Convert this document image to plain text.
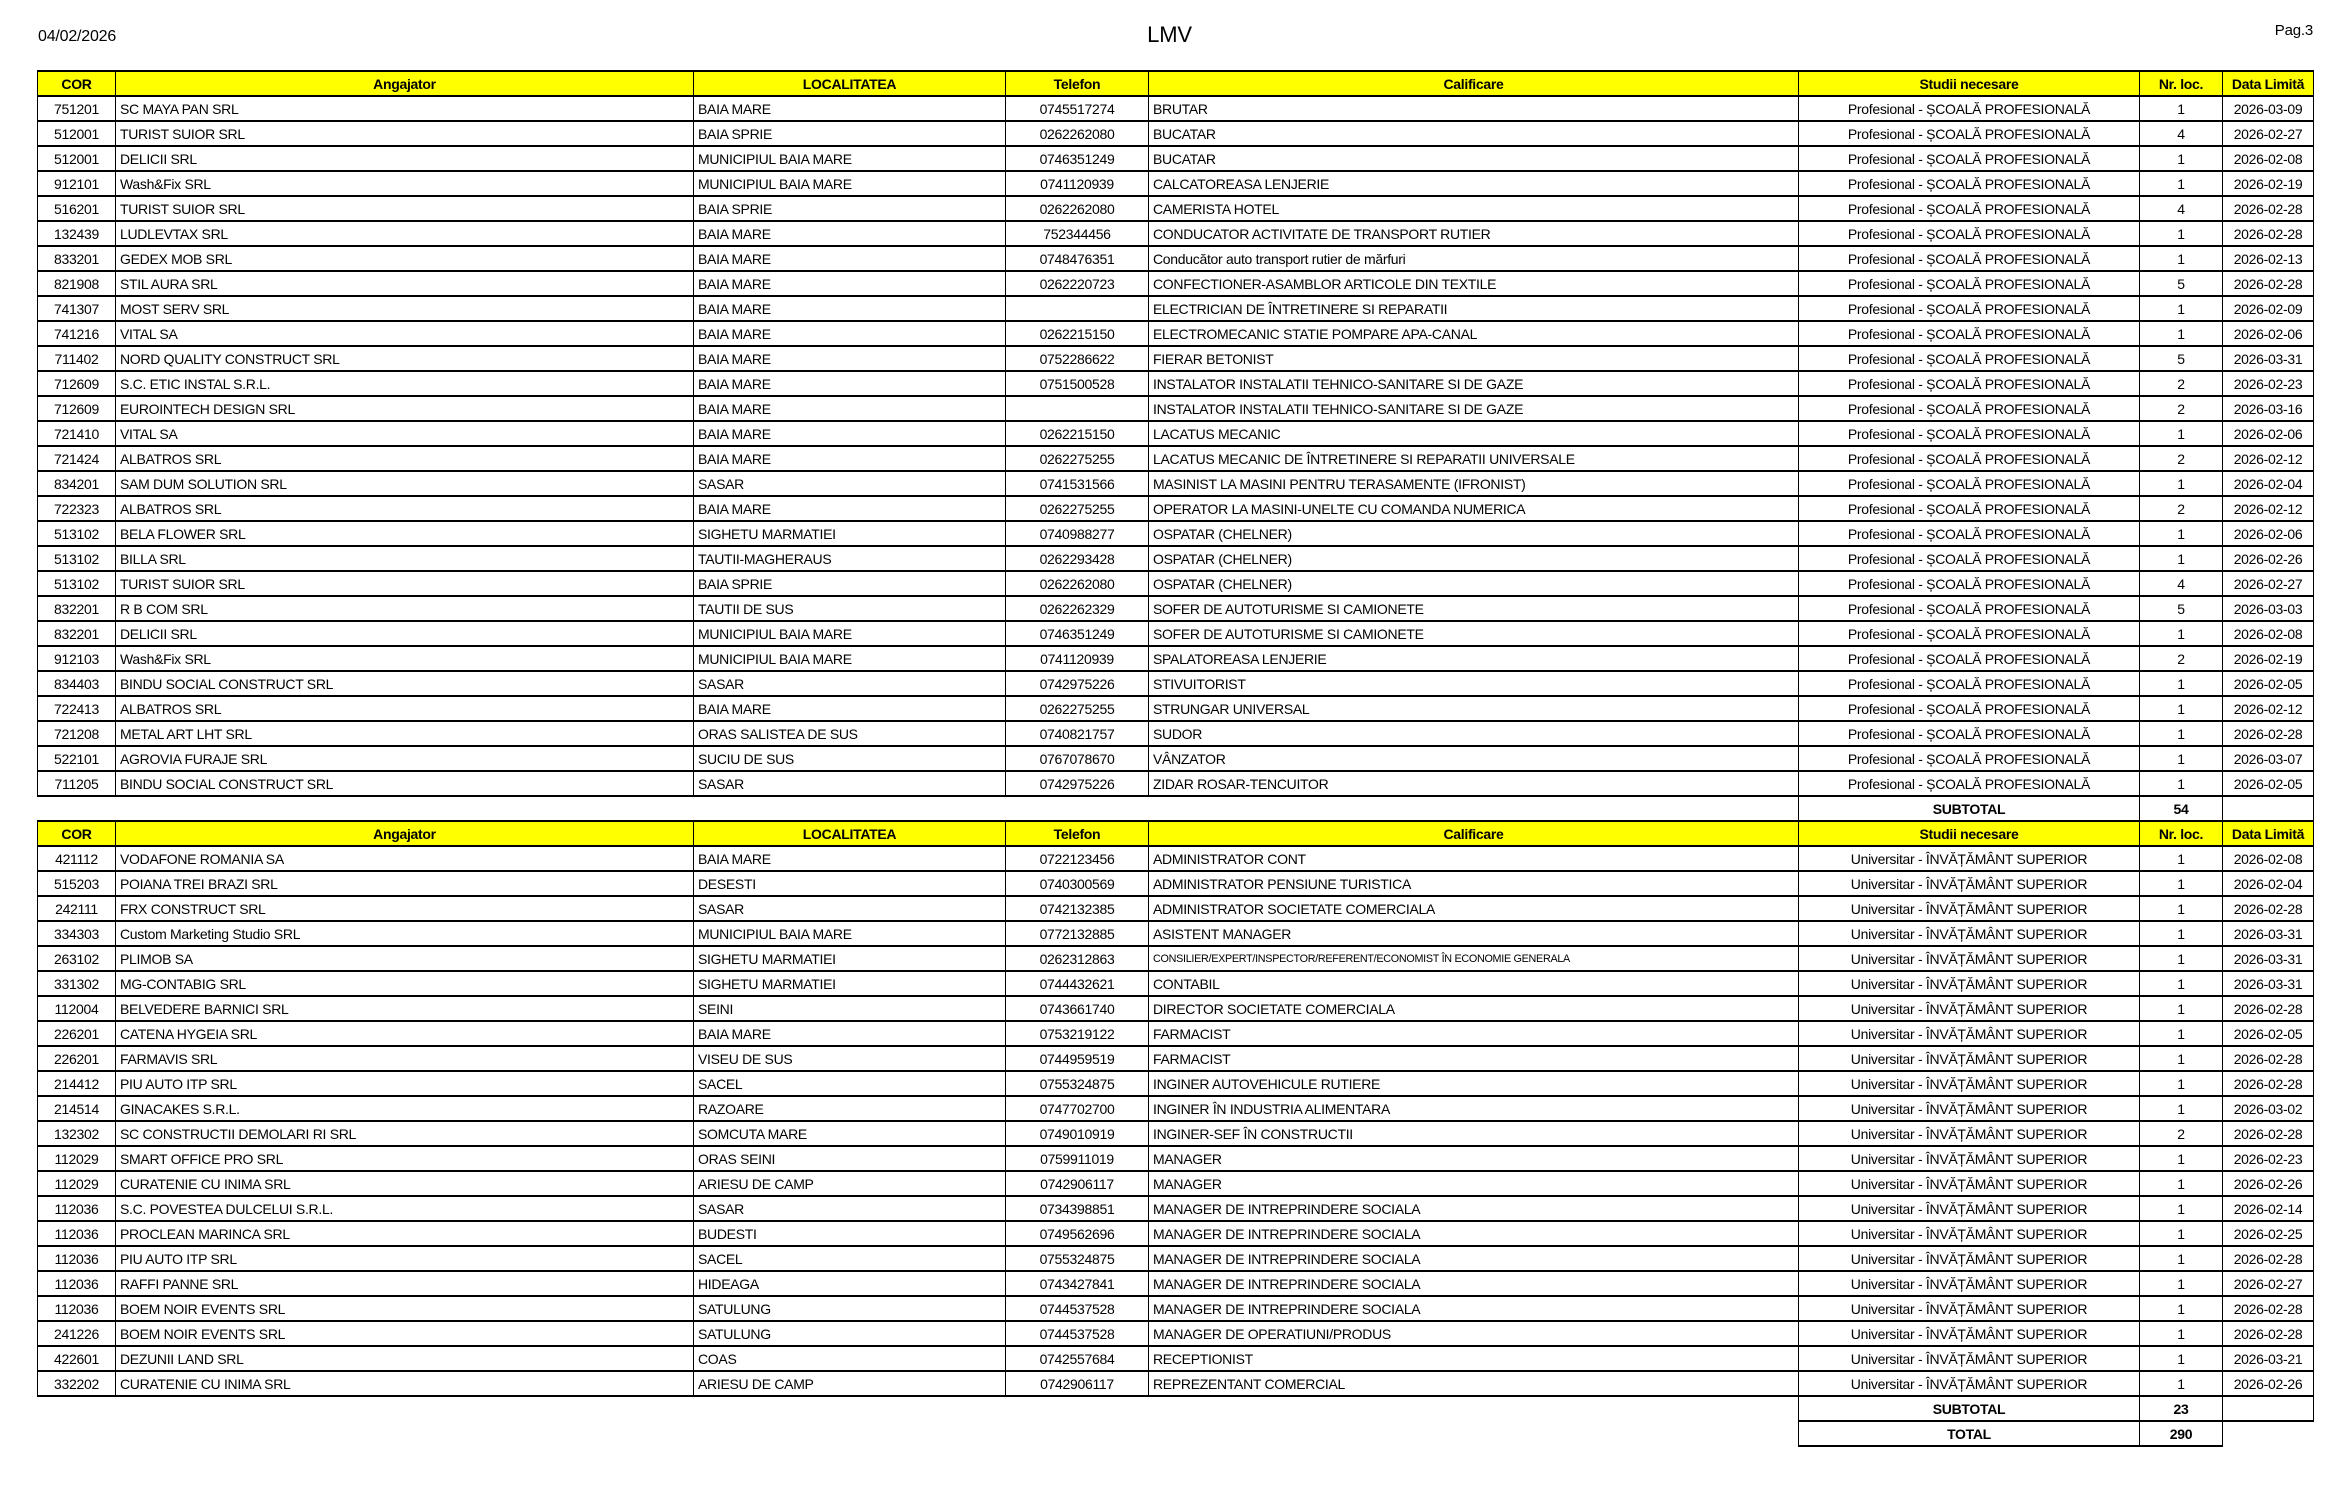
04/02/2026	LMV	Pag.3
COR	Angajator	LOCALITATEA	Telefon	Calificare	Studii necesare	Nr. loc.	Data Limită
751201	SC MAYA PAN SRL	BAIA MARE	0745517274	BRUTAR	Profesional - ȘCOALĂ PROFESIONALĂ	1	2026-03-09
512001	TURIST SUIOR SRL	BAIA SPRIE	0262262080	BUCATAR	Profesional - ȘCOALĂ PROFESIONALĂ	4	2026-02-27
512001	DELICII SRL	MUNICIPIUL BAIA MARE	0746351249	BUCATAR	Profesional - ȘCOALĂ PROFESIONALĂ	1	2026-02-08
912101	Wash&Fix SRL	MUNICIPIUL BAIA MARE	0741120939	CALCATOREASA LENJERIE	Profesional - ȘCOALĂ PROFESIONALĂ	1	2026-02-19
516201	TURIST SUIOR SRL	BAIA SPRIE	0262262080	CAMERISTA HOTEL	Profesional - ȘCOALĂ PROFESIONALĂ	4	2026-02-28
132439	LUDLEVTAX SRL	BAIA MARE	752344456	CONDUCATOR ACTIVITATE DE TRANSPORT RUTIER	Profesional - ȘCOALĂ PROFESIONALĂ	1	2026-02-28
833201	GEDEX MOB SRL	BAIA MARE	0748476351	Conducător auto transport rutier de mărfuri	Profesional - ȘCOALĂ PROFESIONALĂ	1	2026-02-13
821908	STIL AURA SRL	BAIA MARE	0262220723	CONFECTIONER-ASAMBLOR ARTICOLE DIN TEXTILE	Profesional - ȘCOALĂ PROFESIONALĂ	5	2026-02-28
741307	MOST SERV SRL	BAIA MARE		ELECTRICIAN DE ÎNTRETINERE SI REPARATII	Profesional - ȘCOALĂ PROFESIONALĂ	1	2026-02-09
741216	VITAL SA	BAIA MARE	0262215150	ELECTROMECANIC STATIE POMPARE APA-CANAL	Profesional - ȘCOALĂ PROFESIONALĂ	1	2026-02-06
711402	NORD QUALITY CONSTRUCT SRL	BAIA MARE	0752286622	FIERAR BETONIST	Profesional - ȘCOALĂ PROFESIONALĂ	5	2026-03-31
712609	S.C. ETIC INSTAL S.R.L.	BAIA MARE	0751500528	INSTALATOR INSTALATII TEHNICO-SANITARE SI DE GAZE	Profesional - ȘCOALĂ PROFESIONALĂ	2	2026-02-23
712609	EUROINTECH DESIGN SRL	BAIA MARE		INSTALATOR INSTALATII TEHNICO-SANITARE SI DE GAZE	Profesional - ȘCOALĂ PROFESIONALĂ	2	2026-03-16
721410	VITAL SA	BAIA MARE	0262215150	LACATUS MECANIC	Profesional - ȘCOALĂ PROFESIONALĂ	1	2026-02-06
721424	ALBATROS SRL	BAIA MARE	0262275255	LACATUS MECANIC DE ÎNTRETINERE SI REPARATII UNIVERSALE	Profesional - ȘCOALĂ PROFESIONALĂ	2	2026-02-12
834201	SAM DUM SOLUTION SRL	SASAR	0741531566	MASINIST LA MASINI PENTRU TERASAMENTE (IFRONIST)	Profesional - ȘCOALĂ PROFESIONALĂ	1	2026-02-04
722323	ALBATROS SRL	BAIA MARE	0262275255	OPERATOR LA MASINI-UNELTE CU COMANDA NUMERICA	Profesional - ȘCOALĂ PROFESIONALĂ	2	2026-02-12
513102	BELA FLOWER SRL	SIGHETU MARMATIEI	0740988277	OSPATAR (CHELNER)	Profesional - ȘCOALĂ PROFESIONALĂ	1	2026-02-06
513102	BILLA SRL	TAUTII-MAGHERAUS	0262293428	OSPATAR (CHELNER)	Profesional - ȘCOALĂ PROFESIONALĂ	1	2026-02-26
513102	TURIST SUIOR SRL	BAIA SPRIE	0262262080	OSPATAR (CHELNER)	Profesional - ȘCOALĂ PROFESIONALĂ	4	2026-02-27
832201	R B COM SRL	TAUTII DE SUS	0262262329	SOFER DE AUTOTURISME SI CAMIONETE	Profesional - ȘCOALĂ PROFESIONALĂ	5	2026-03-03
832201	DELICII SRL	MUNICIPIUL BAIA MARE	0746351249	SOFER DE AUTOTURISME SI CAMIONETE	Profesional - ȘCOALĂ PROFESIONALĂ	1	2026-02-08
912103	Wash&Fix SRL	MUNICIPIUL BAIA MARE	0741120939	SPALATOREASA LENJERIE	Profesional - ȘCOALĂ PROFESIONALĂ	2	2026-02-19
834403	BINDU SOCIAL CONSTRUCT SRL	SASAR	0742975226	STIVUITORIST	Profesional - ȘCOALĂ PROFESIONALĂ	1	2026-02-05
722413	ALBATROS SRL	BAIA MARE	0262275255	STRUNGAR UNIVERSAL	Profesional - ȘCOALĂ PROFESIONALĂ	1	2026-02-12
721208	METAL ART LHT SRL	ORAS SALISTEA DE SUS	0740821757	SUDOR	Profesional - ȘCOALĂ PROFESIONALĂ	1	2026-02-28
522101	AGROVIA FURAJE SRL	SUCIU DE SUS	0767078670	VÂNZATOR	Profesional - ȘCOALĂ PROFESIONALĂ	1	2026-03-07
711205	BINDU SOCIAL CONSTRUCT SRL	SASAR	0742975226	ZIDAR ROSAR-TENCUITOR	Profesional - ȘCOALĂ PROFESIONALĂ	1	2026-02-05
					SUBTOTAL	54	
COR	Angajator	LOCALITATEA	Telefon	Calificare	Studii necesare	Nr. loc.	Data Limită
421112	VODAFONE ROMANIA SA	BAIA MARE	0722123456	ADMINISTRATOR CONT	Universitar - ÎNVĂȚĂMÂNT SUPERIOR	1	2026-02-08
515203	POIANA TREI BRAZI SRL	DESESTI	0740300569	ADMINISTRATOR PENSIUNE TURISTICA	Universitar - ÎNVĂȚĂMÂNT SUPERIOR	1	2026-02-04
242111	FRX CONSTRUCT SRL	SASAR	0742132385	ADMINISTRATOR SOCIETATE COMERCIALA	Universitar - ÎNVĂȚĂMÂNT SUPERIOR	1	2026-02-28
334303	Custom Marketing Studio SRL	MUNICIPIUL BAIA MARE	0772132885	ASISTENT MANAGER	Universitar - ÎNVĂȚĂMÂNT SUPERIOR	1	2026-03-31
263102	PLIMOB SA	SIGHETU MARMATIEI	0262312863	CONSILIER/EXPERT/INSPECTOR/REFERENT/ECONOMIST ÎN ECONOMIE GENERALA	Universitar - ÎNVĂȚĂMÂNT SUPERIOR	1	2026-03-31
331302	MG-CONTABIG SRL	SIGHETU MARMATIEI	0744432621	CONTABIL	Universitar - ÎNVĂȚĂMÂNT SUPERIOR	1	2026-03-31
112004	BELVEDERE BARNICI SRL	SEINI	0743661740	DIRECTOR SOCIETATE COMERCIALA	Universitar - ÎNVĂȚĂMÂNT SUPERIOR	1	2026-02-28
226201	CATENA HYGEIA SRL	BAIA MARE	0753219122	FARMACIST	Universitar - ÎNVĂȚĂMÂNT SUPERIOR	1	2026-02-05
226201	FARMAVIS SRL	VISEU DE SUS	0744959519	FARMACIST	Universitar - ÎNVĂȚĂMÂNT SUPERIOR	1	2026-02-28
214412	PIU AUTO ITP SRL	SACEL	0755324875	INGINER AUTOVEHICULE RUTIERE	Universitar - ÎNVĂȚĂMÂNT SUPERIOR	1	2026-02-28
214514	GINACAKES S.R.L.	RAZOARE	0747702700	INGINER ÎN INDUSTRIA ALIMENTARA	Universitar - ÎNVĂȚĂMÂNT SUPERIOR	1	2026-03-02
132302	SC CONSTRUCTII DEMOLARI RI SRL	SOMCUTA MARE	0749010919	INGINER-SEF ÎN CONSTRUCTII	Universitar - ÎNVĂȚĂMÂNT SUPERIOR	2	2026-02-28
112029	SMART OFFICE PRO SRL	ORAS SEINI	0759911019	MANAGER	Universitar - ÎNVĂȚĂMÂNT SUPERIOR	1	2026-02-23
112029	CURATENIE CU INIMA SRL	ARIESU DE CAMP	0742906117	MANAGER	Universitar - ÎNVĂȚĂMÂNT SUPERIOR	1	2026-02-26
112036	S.C. POVESTEA DULCELUI S.R.L.	SASAR	0734398851	MANAGER DE INTREPRINDERE SOCIALA	Universitar - ÎNVĂȚĂMÂNT SUPERIOR	1	2026-02-14
112036	PROCLEAN MARINCA SRL	BUDESTI	0749562696	MANAGER DE INTREPRINDERE SOCIALA	Universitar - ÎNVĂȚĂMÂNT SUPERIOR	1	2026-02-25
112036	PIU AUTO ITP SRL	SACEL	0755324875	MANAGER DE INTREPRINDERE SOCIALA	Universitar - ÎNVĂȚĂMÂNT SUPERIOR	1	2026-02-28
112036	RAFFI PANNE SRL	HIDEAGA	0743427841	MANAGER DE INTREPRINDERE SOCIALA	Universitar - ÎNVĂȚĂMÂNT SUPERIOR	1	2026-02-27
112036	BOEM NOIR EVENTS SRL	SATULUNG	0744537528	MANAGER DE INTREPRINDERE SOCIALA	Universitar - ÎNVĂȚĂMÂNT SUPERIOR	1	2026-02-28
241226	BOEM NOIR EVENTS SRL	SATULUNG	0744537528	MANAGER DE OPERATIUNI/PRODUS	Universitar - ÎNVĂȚĂMÂNT SUPERIOR	1	2026-02-28
422601	DEZUNII LAND SRL	COAS	0742557684	RECEPTIONIST	Universitar - ÎNVĂȚĂMÂNT SUPERIOR	1	2026-03-21
332202	CURATENIE CU INIMA SRL	ARIESU DE CAMP	0742906117	REPREZENTANT COMERCIAL	Universitar - ÎNVĂȚĂMÂNT SUPERIOR	1	2026-02-26
					SUBTOTAL	23	
					TOTAL	290	
